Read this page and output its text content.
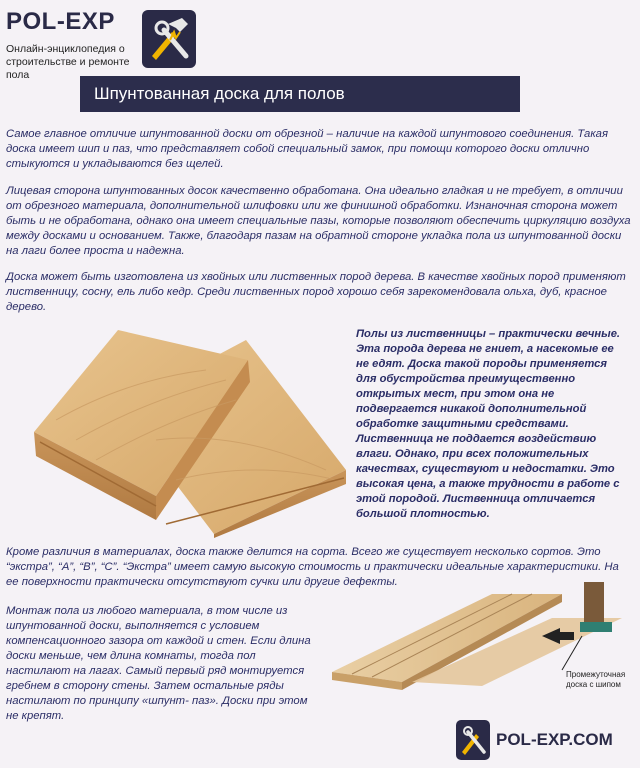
POL-EXP
Онлайн-энциклопедия о
строительстве и ремонте пола
Шпунтованная доска для полов

Самое главное отличие шпунтованной доски от обрезной – наличие на каждой шпунтового соединения. Такая доска имеет шип и паз, что представляет собой специальный замок, при помощи которого доски отлично стыкуются и укладываются без щелей.

Лицевая сторона шпунтованных досок качественно обработана. Она идеально гладкая и не требует, в отличии от обрезного материала, дополнительной шлифовки или же финишной обработки. Изнаночная сторона может быть и не обработана, однако она имеет специальные пазы, которые позволяют обеспечить циркуляцию воздуха между досками и основанием. Также, благодаря пазам на обратной стороне укладка пола из шпунтованной доски на лаги более проста и надежна.

Доска может быть изготовлена из хвойных или лиственных пород дерева. В качестве хвойных пород применяют лиственницу, сосну, ель либо кедр. Среди лиственных пород хорошо себя зарекомендовала ольха, дуб, красное дерево.

Полы из лиственницы – практически вечные. Эта порода дерева не гниет, а насекомые ее не едят. Доска такой породы применяется для обустройства преимущественно открытых мест, при этом она не подвергается никакой дополнительной обработке защитными средствами. Лиственница не поддается воздействию влаги. Однако, при всех положительных качествах, существуют и недостатки. Это высокая цена, а также трудности в работе с этой породой. Лиственница отличается большой плотностью.

Кроме различия в материалах, доска также делится на сорта. Всего же существует несколько сортов. Это “экстра”, “А”, “В”, “С”. “Экстра” имеет самую высокую стоимость и практически идеальные характеристики. На ее поверхности практически отсутствуют сучки или другие дефекты.

Монтаж пола из любого материала, в том числе из шпунтованной доски, выполняется с условием компенсационного зазора от каждой и стен. Если длина доски меньше, чем длина комнаты, тогда пол настилают на лагах. Самый первый ряд монтируется гребнем в сторону стены. Затем остальные ряды настилают по принципу «шпунт- паз». Доски при этом не крепят.

Промежуточная
доска с шипом
POL-EXP.COM
